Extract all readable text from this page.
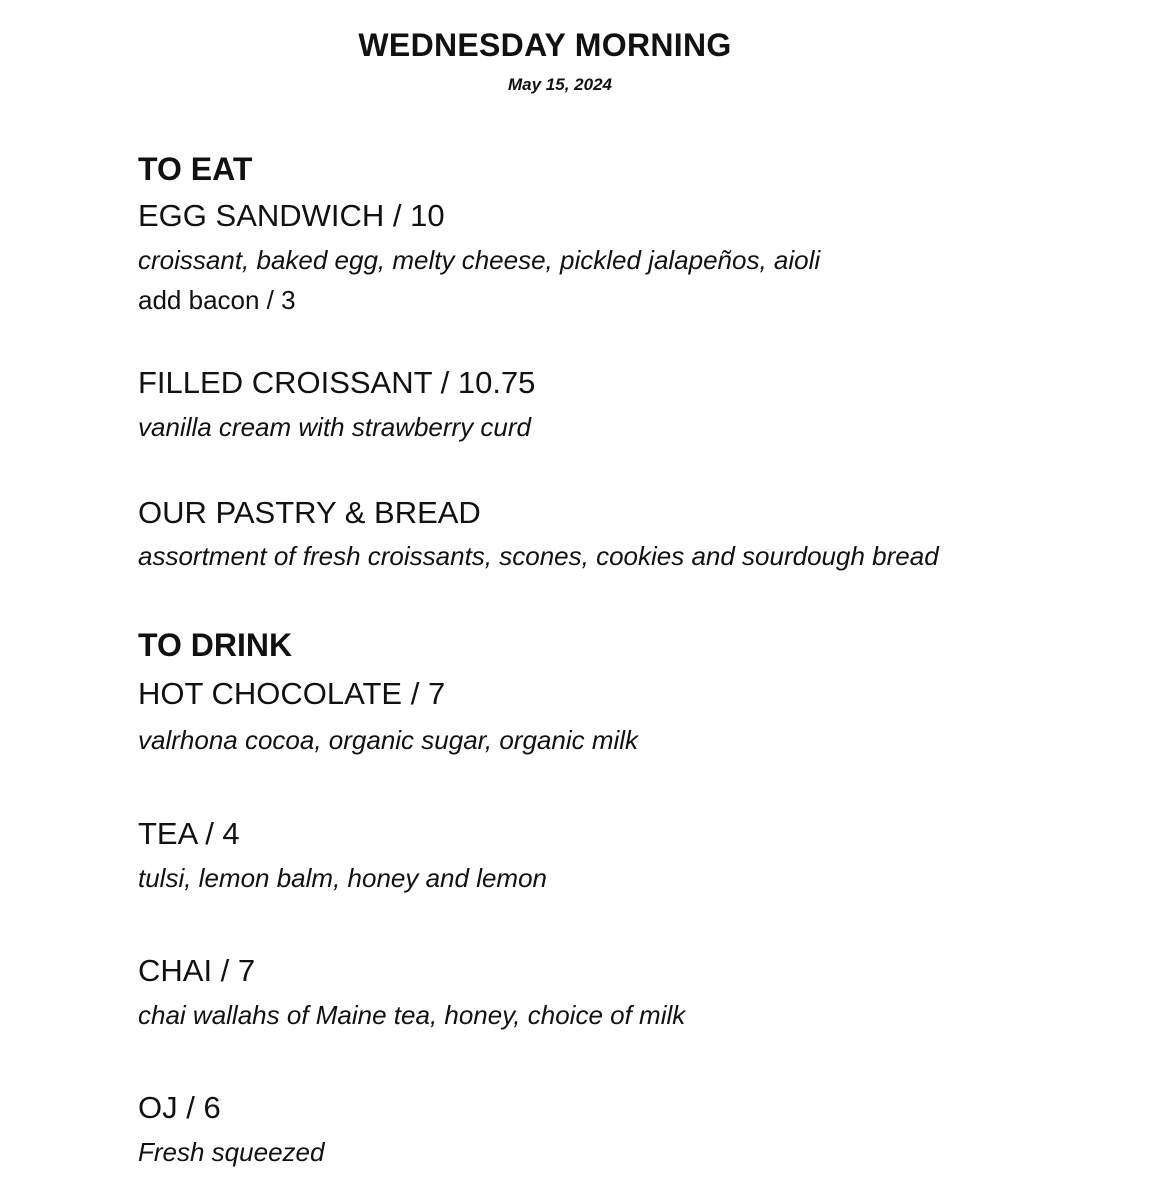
WEDNESDAY MORNING
May 15, 2024
TO EAT
EGG SANDWICH / 10
croissant, baked egg, melty cheese, pickled jalapeños, aioli
add bacon / 3
FILLED CROISSANT / 10.75
vanilla cream with strawberry curd
OUR PASTRY & BREAD
assortment of fresh croissants, scones, cookies and sourdough bread
TO DRINK
HOT CHOCOLATE / 7
valrhona cocoa, organic sugar, organic milk
TEA / 4
tulsi, lemon balm, honey and lemon
CHAI / 7
chai wallahs of Maine tea, honey, choice of milk
OJ / 6
Fresh squeezed
